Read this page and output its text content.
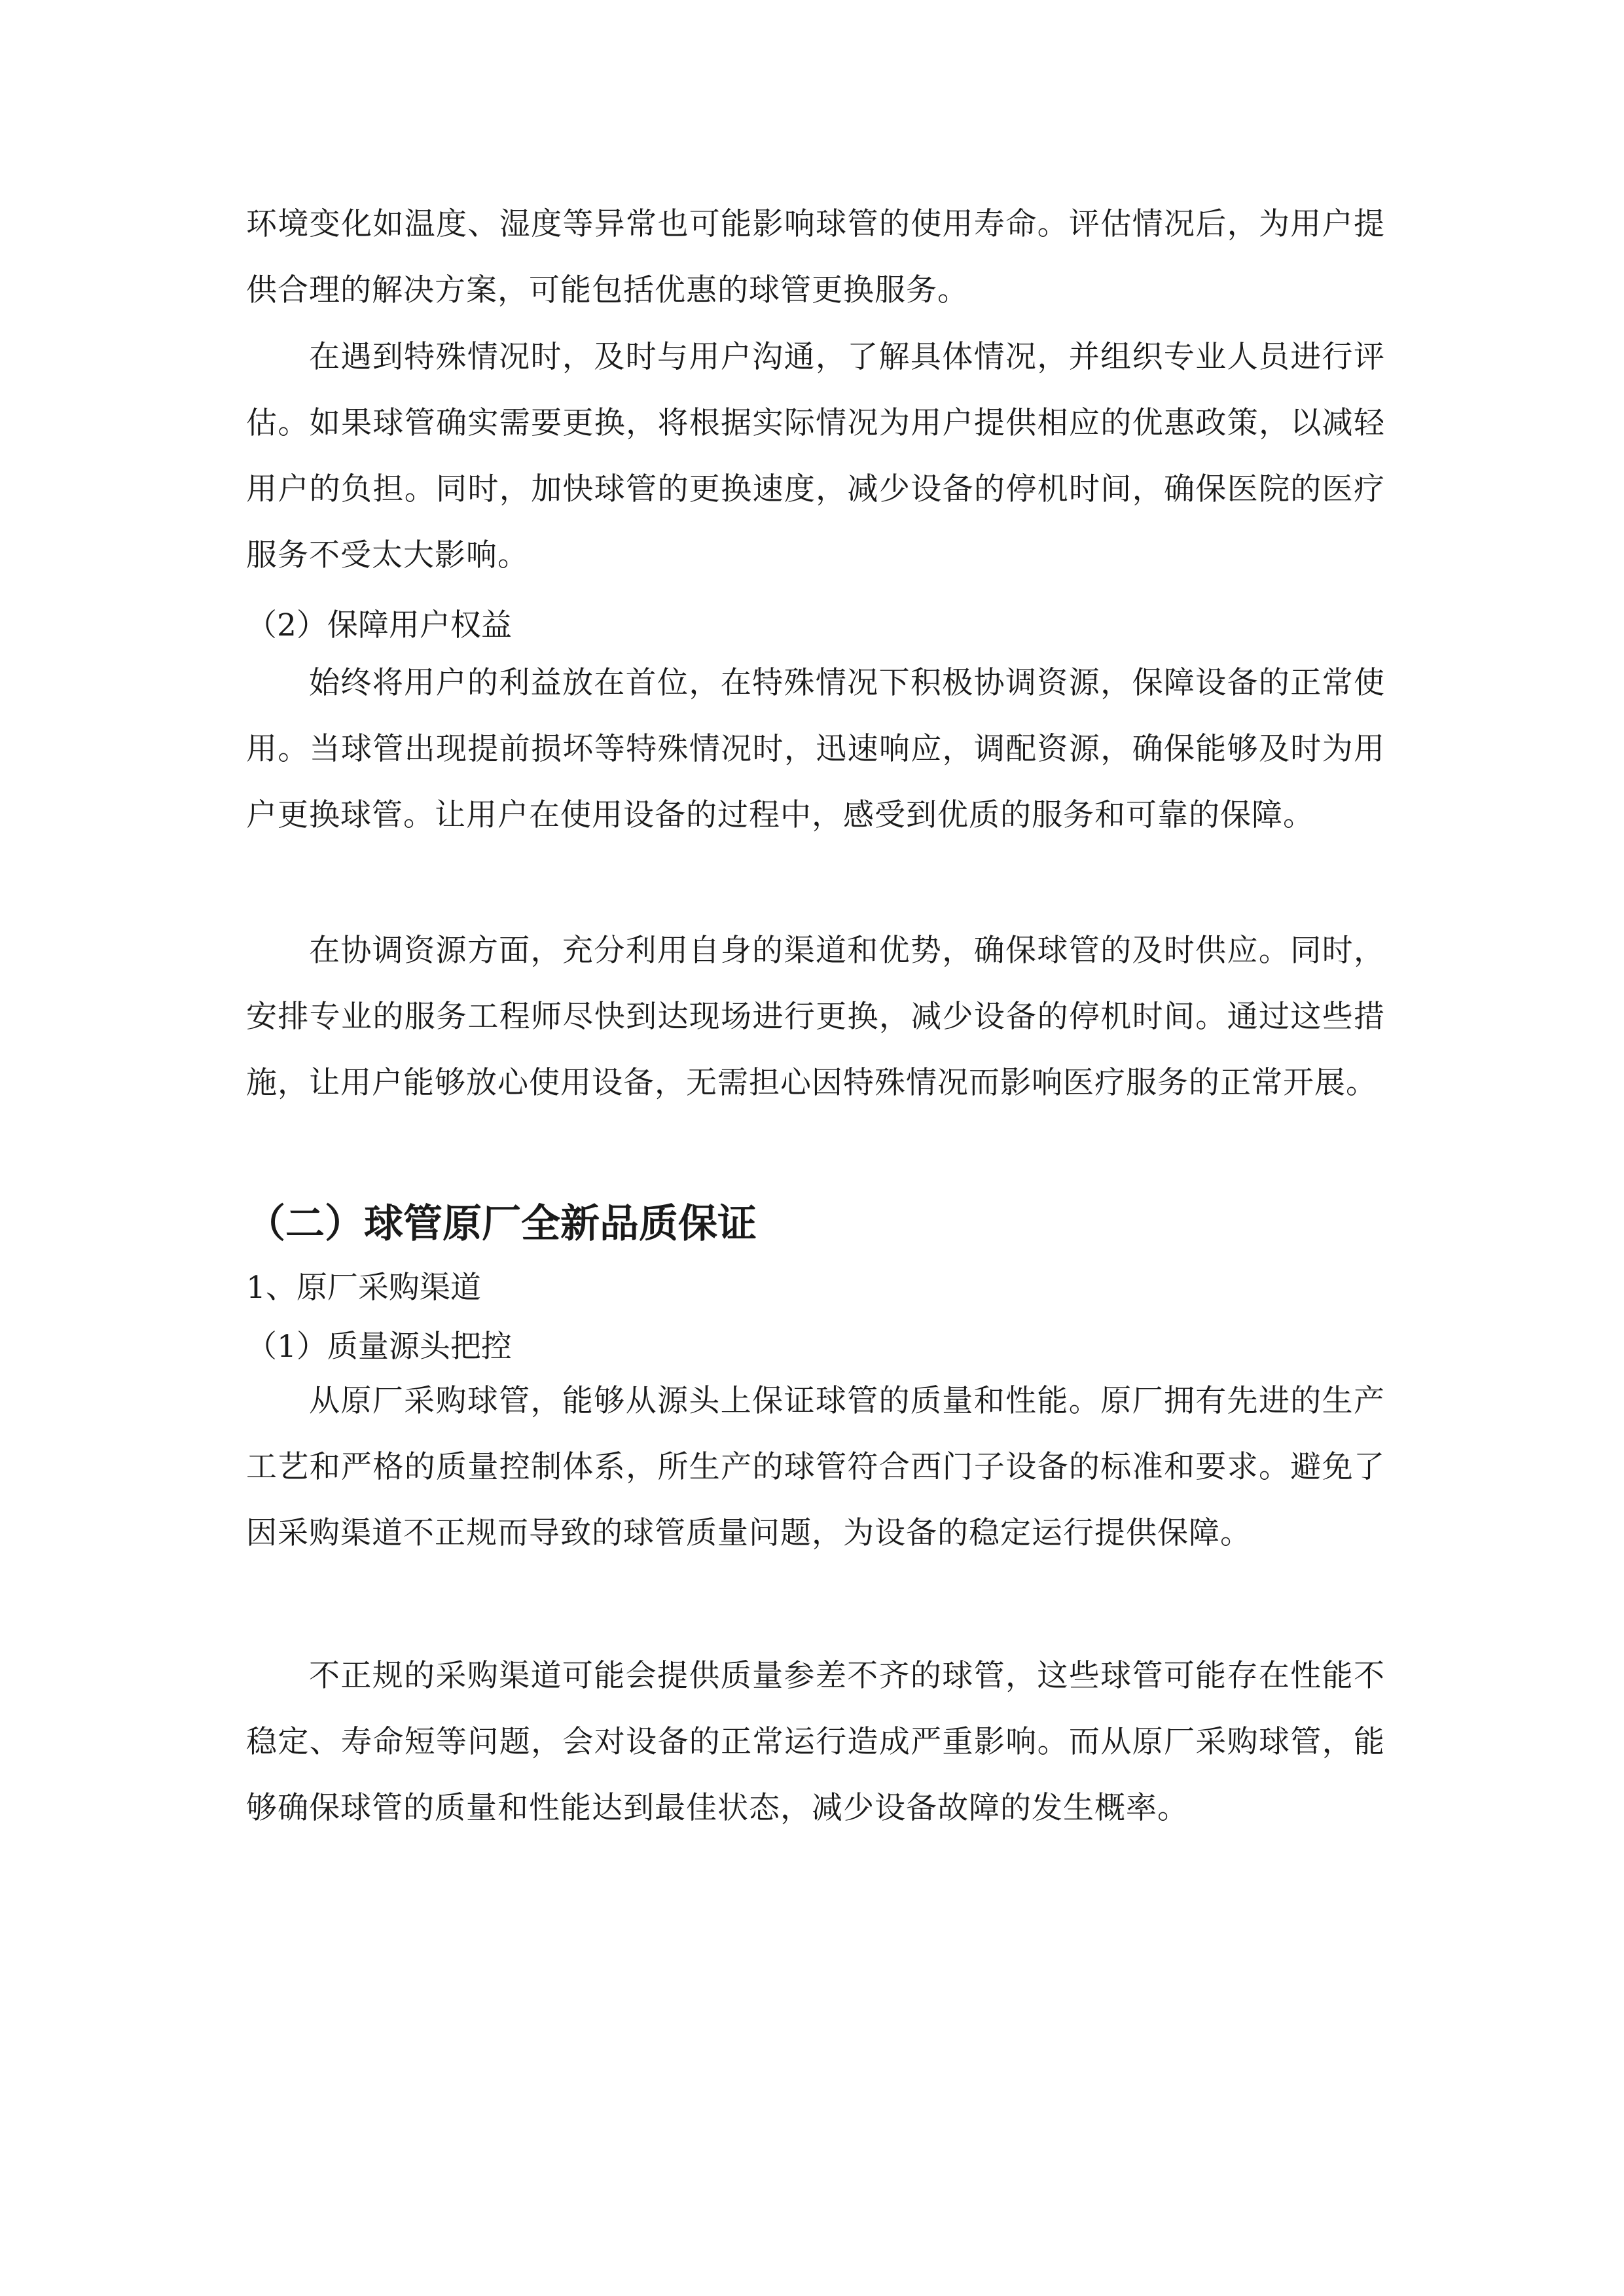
环境变化如温度、湿度等异常也可能影响球管的使用寿命。评估情况后，为用户提供合理的解决方案，可能包括优惠的球管更换服务。

在遇到特殊情况时，及时与用户沟通，了解具体情况，并组织专业人员进行评估。如果球管确实需要更换，将根据实际情况为用户提供相应的优惠政策，以减轻用户的负担。同时，加快球管的更换速度，减少设备的停机时间，确保医院的医疗服务不受太大影响。

（2）保障用户权益

始终将用户的利益放在首位，在特殊情况下积极协调资源，保障设备的正常使用。当球管出现提前损坏等特殊情况时，迅速响应，调配资源，确保能够及时为用户更换球管。让用户在使用设备的过程中，感受到优质的服务和可靠的保障。

在协调资源方面，充分利用自身的渠道和优势，确保球管的及时供应。同时，安排专业的服务工程师尽快到达现场进行更换，减少设备的停机时间。通过这些措施，让用户能够放心使用设备，无需担心因特殊情况而影响医疗服务的正常开展。

（二）球管原厂全新品质保证

1、原厂采购渠道

（1）质量源头把控

从原厂采购球管，能够从源头上保证球管的质量和性能。原厂拥有先进的生产工艺和严格的质量控制体系，所生产的球管符合西门子设备的标准和要求。避免了因采购渠道不正规而导致的球管质量问题，为设备的稳定运行提供保障。

不正规的采购渠道可能会提供质量参差不齐的球管，这些球管可能存在性能不稳定、寿命短等问题，会对设备的正常运行造成严重影响。而从原厂采购球管，能够确保球管的质量和性能达到最佳状态，减少设备故障的发生概率。
